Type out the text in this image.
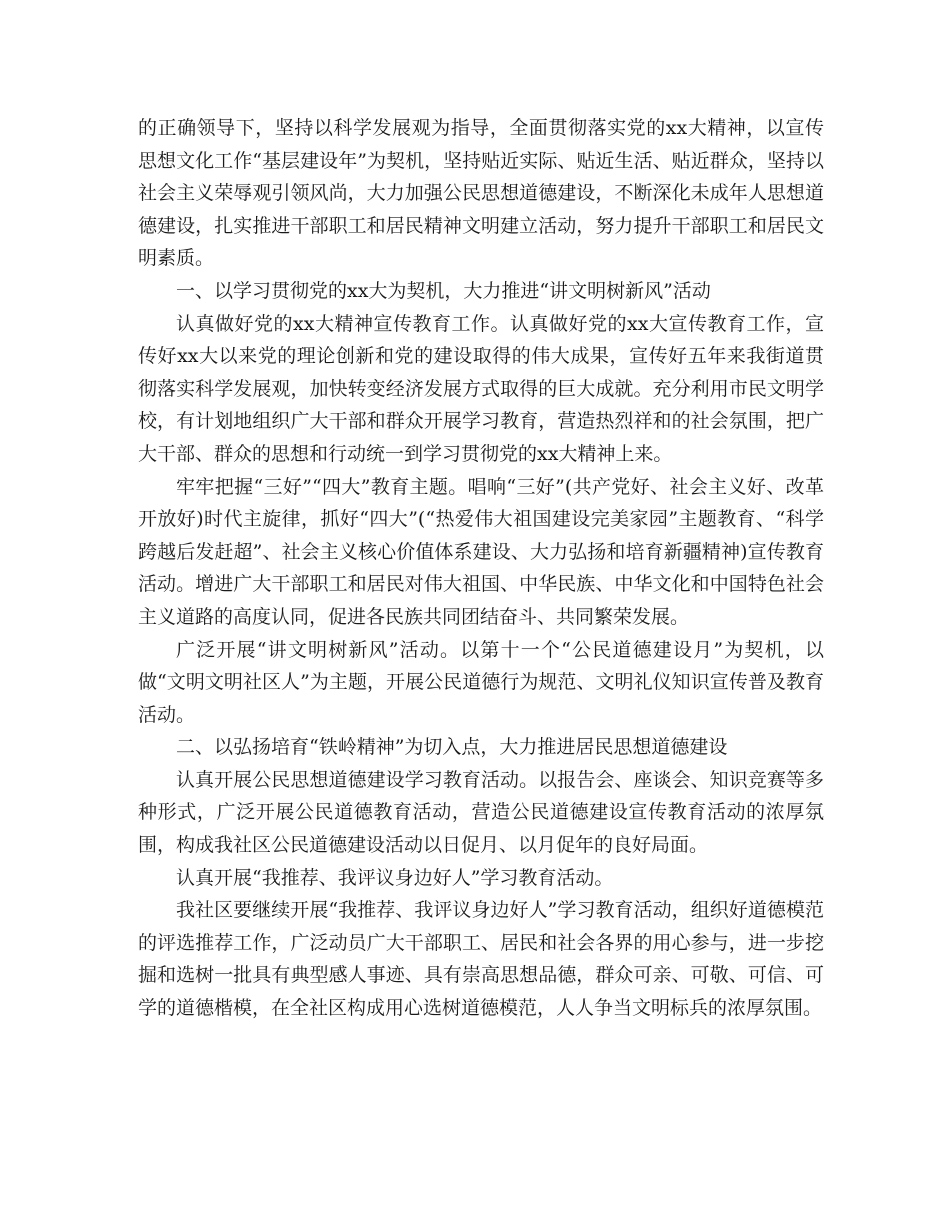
的正确领导下，坚持以科学发展观为指导，全面贯彻落实党的xx大精神，以宣传思想文化工作“基层建设年”为契机，坚持贴近实际、贴近生活、贴近群众，坚持以社会主义荣辱观引领风尚，大力加强公民思想道德建设，不断深化未成年人思想道德建设，扎实推进干部职工和居民精神文明建立活动，努力提升干部职工和居民文明素质。

一、以学习贯彻党的xx大为契机，大力推进“讲文明树新风”活动

认真做好党的xx大精神宣传教育工作。认真做好党的xx大宣传教育工作，宣传好xx大以来党的理论创新和党的建设取得的伟大成果，宣传好五年来我街道贯彻落实科学发展观，加快转变经济发展方式取得的巨大成就。充分利用市民文明学校，有计划地组织广大干部和群众开展学习教育，营造热烈祥和的社会氛围，把广大干部、群众的思想和行动统一到学习贯彻党的xx大精神上来。

牢牢把握“三好”“四大”教育主题。唱响“三好”(共产党好、社会主义好、改革开放好)时代主旋律，抓好“四大”(“热爱伟大祖国建设完美家园”主题教育、“科学跨越后发赶超”、社会主义核心价值体系建设、大力弘扬和培育新疆精神)宣传教育活动。增进广大干部职工和居民对伟大祖国、中华民族、中华文化和中国特色社会主义道路的高度认同，促进各民族共同团结奋斗、共同繁荣发展。

广泛开展“讲文明树新风”活动。以第十一个“公民道德建设月”为契机，以做“文明文明社区人”为主题，开展公民道德行为规范、文明礼仪知识宣传普及教育活动。

二、以弘扬培育“铁岭精神”为切入点，大力推进居民思想道德建设

认真开展公民思想道德建设学习教育活动。以报告会、座谈会、知识竞赛等多种形式，广泛开展公民道德教育活动，营造公民道德建设宣传教育活动的浓厚氛围，构成我社区公民道德建设活动以日促月、以月促年的良好局面。

认真开展“我推荐、我评议身边好人”学习教育活动。

我社区要继续开展“我推荐、我评议身边好人”学习教育活动，组织好道德模范的评选推荐工作，广泛动员广大干部职工、居民和社会各界的用心参与，进一步挖掘和选树一批具有典型感人事迹、具有崇高思想品德，群众可亲、可敬、可信、可学的道德楷模，在全社区构成用心选树道德模范，人人争当文明标兵的浓厚氛围。
